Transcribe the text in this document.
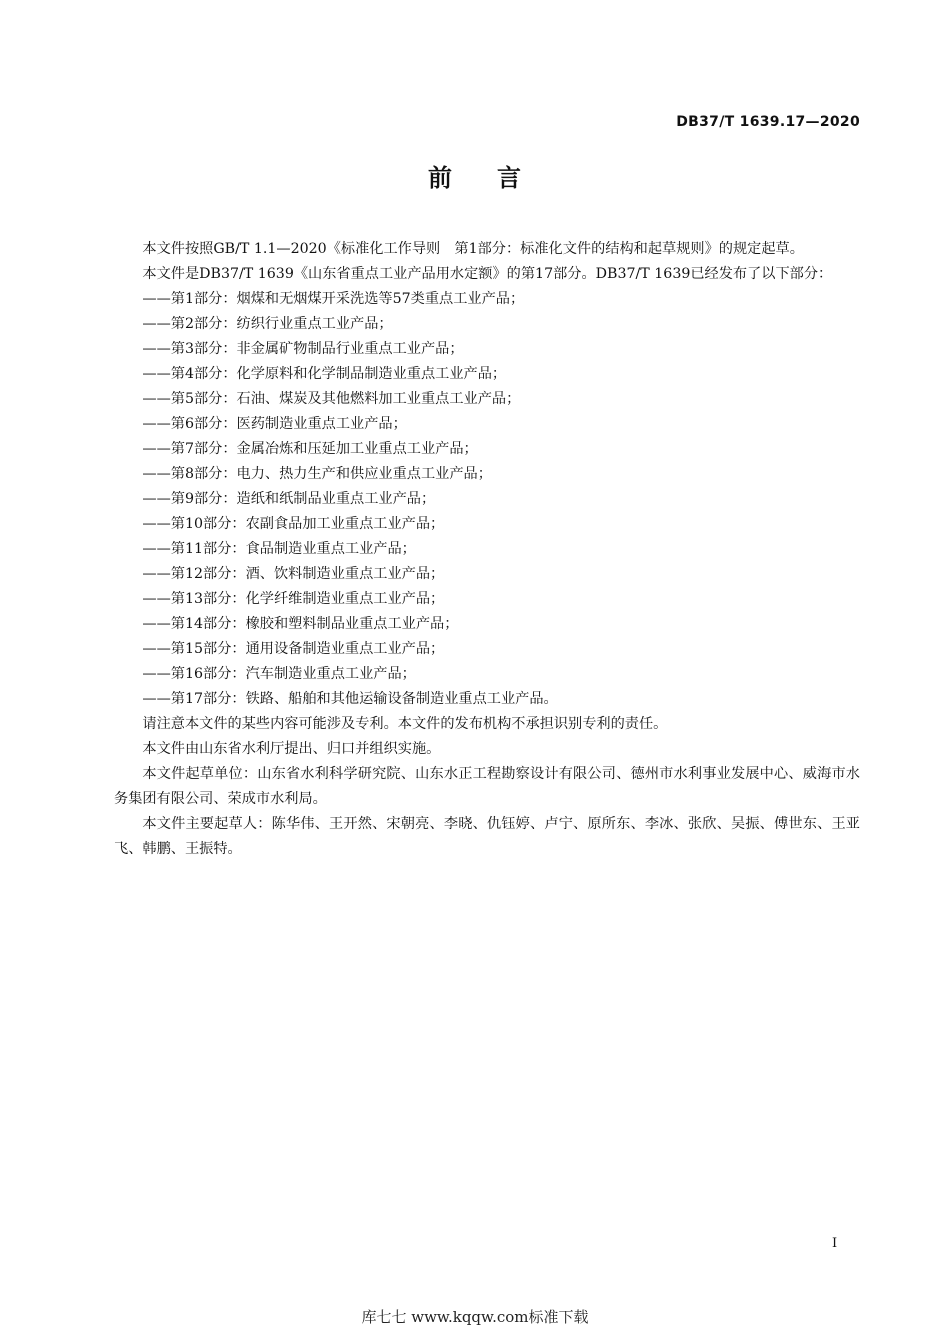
DB37/T 1639.17—2020
前 言

本文件按照GB/T 1.1—2020《标准化工作导则　第1部分：标准化文件的结构和起草规则》的规定起草。

本文件是DB37/T 1639《山东省重点工业产品用水定额》的第17部分。DB37/T 1639已经发布了以下部分：

——第1部分：烟煤和无烟煤开采洗选等57类重点工业产品；
——第2部分：纺织行业重点工业产品；
——第3部分：非金属矿物制品行业重点工业产品；
——第4部分：化学原料和化学制品制造业重点工业产品；
——第5部分：石油、煤炭及其他燃料加工业重点工业产品；
——第6部分：医药制造业重点工业产品；
——第7部分：金属冶炼和压延加工业重点工业产品；
——第8部分：电力、热力生产和供应业重点工业产品；
——第9部分：造纸和纸制品业重点工业产品；
——第10部分：农副食品加工业重点工业产品；
——第11部分：食品制造业重点工业产品；
——第12部分：酒、饮料制造业重点工业产品；
——第13部分：化学纤维制造业重点工业产品；
——第14部分：橡胶和塑料制品业重点工业产品；
——第15部分：通用设备制造业重点工业产品；
——第16部分：汽车制造业重点工业产品；
——第17部分：铁路、船舶和其他运输设备制造业重点工业产品。

请注意本文件的某些内容可能涉及专利。本文件的发布机构不承担识别专利的责任。

本文件由山东省水利厅提出、归口并组织实施。

本文件起草单位：山东省水利科学研究院、山东水正工程勘察设计有限公司、德州市水利事业发展中心、威海市水务集团有限公司、荣成市水利局。

本文件主要起草人：陈华伟、王开然、宋朝亮、李晓、仇钰婷、卢宁、原所东、李冰、张欣、吴振、傅世东、王亚飞、韩鹏、王振特。

I
库七七 www.kqqw.com标准下载
